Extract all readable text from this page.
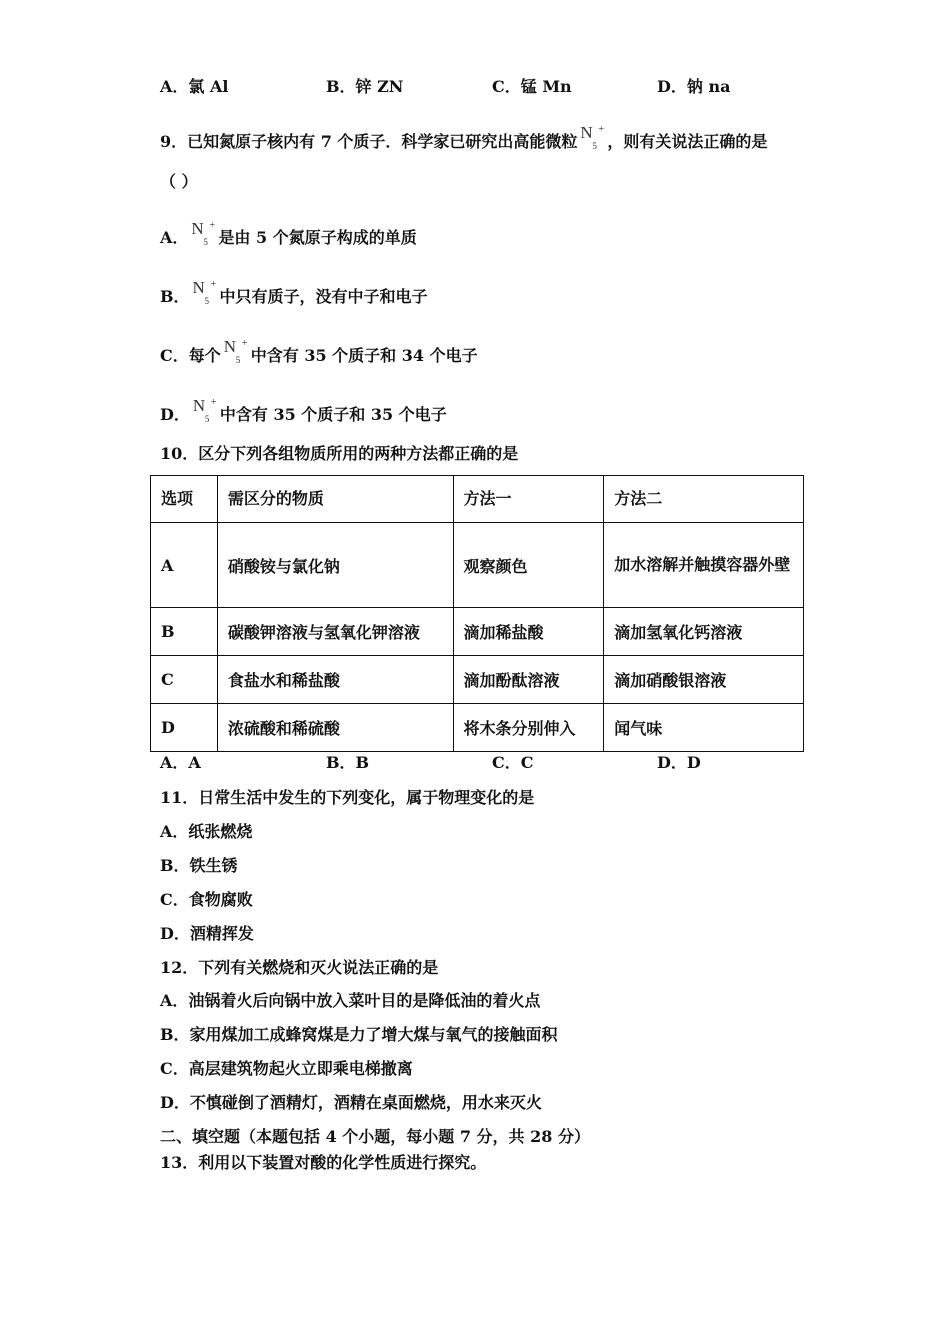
A．氯 Al	B．锌 ZN	C．锰 Mn	D．钠 na
9．已知氮原子核内有 7 个质子．科学家已研究出高能微粒 N
5
+
，则有关说法正确的是
（ ）
A． N
5
+
是由 5 个氮原子构成的单质
B． N
5
+
中只有质子，没有中子和电子
C．每个 N
5
+
中含有 35 个质子和 34 个电子
D． N
5
+
中含有 35 个质子和 35 个电子
10．区分下列各组物质所用的两种方法都正确的是
选项	需区分的物质	方法一	方法二
A	硝酸铵与氯化钠	观察颜色	加水溶解并触摸容器外壁
B	碳酸钾溶液与氢氧化钾溶液	滴加稀盐酸	滴加氢氧化钙溶液
C	食盐水和稀盐酸	滴加酚酞溶液	滴加硝酸银溶液
D	浓硫酸和稀硫酸	将木条分别伸入	闻气味
A．A	B．B	C．C	D．D
11．日常生活中发生的下列变化，属于物理变化的是
A．纸张燃烧
B．铁生锈
C．食物腐败
D．酒精挥发
12．下列有关燃烧和灭火说法正确的是
A．油锅着火后向锅中放入菜叶目的是降低油的着火点
B．家用煤加工成蜂窝煤是力了增大煤与氧气的接触面积
C．高层建筑物起火立即乘电梯撤离
D．不慎碰倒了酒精灯，酒精在桌面燃烧，用水来灭火
二、填空题（本题包括 4 个小题，每小题 7 分，共 28 分）
13．利用以下装置对酸的化学性质进行探究。
